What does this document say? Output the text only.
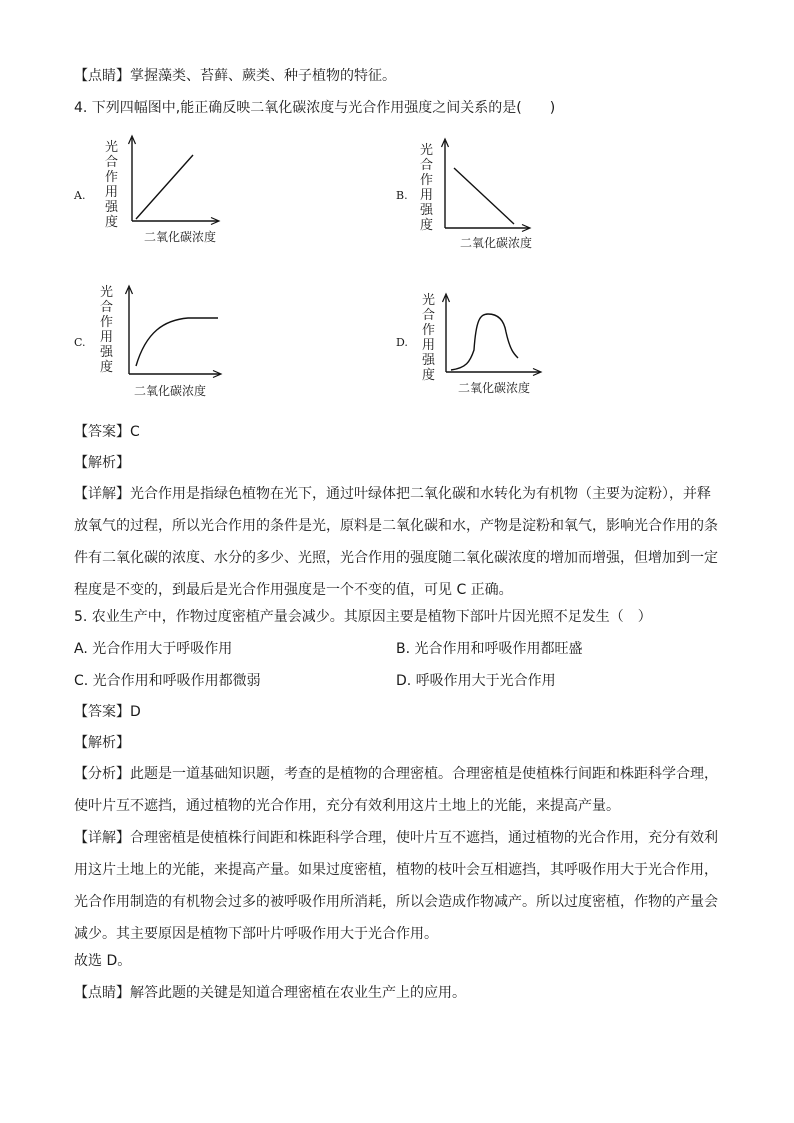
【点睛】掌握藻类、苔藓、蕨类、种子植物的特征。
4. 下列四幅图中,能正确反映二氧化碳浓度与光合作用强度之间关系的是(　　)
A.
光
合
作
用
强
度
二氧化碳浓度
B.
光
合
作
用
强
度
二氧化碳浓度
C.
光
合
作
用
强
度
二氧化碳浓度
D.
光
合
作
用
强
度
二氧化碳浓度
【答案】C
【解析】
【详解】光合作用是指绿色植物在光下，通过叶绿体把二氧化碳和水转化为有机物（主要为淀粉），并释
放氧气的过程，所以光合作用的条件是光，原料是二氧化碳和水，产物是淀粉和氧气，影响光合作用的条
件有二氧化碳的浓度、水分的多少、光照，光合作用的强度随二氧化碳浓度的增加而增强，但增加到一定
程度是不变的，到最后是光合作用强度是一个不变的值，可见 C 正确。
5. 农业生产中，作物过度密植产量会减少。其原因主要是植物下部叶片因光照不足发生（　）
A. 光合作用大于呼吸作用	B. 光合作用和呼吸作用都旺盛
C. 光合作用和呼吸作用都微弱	D. 呼吸作用大于光合作用
【答案】D
【解析】
【分析】此题是一道基础知识题，考查的是植物的合理密植。合理密植是使植株行间距和株距科学合理，
使叶片互不遮挡，通过植物的光合作用，充分有效利用这片土地上的光能，来提高产量。
【详解】合理密植是使植株行间距和株距科学合理，使叶片互不遮挡，通过植物的光合作用，充分有效利
用这片土地上的光能，来提高产量。如果过度密植，植物的枝叶会互相遮挡，其呼吸作用大于光合作用，
光合作用制造的有机物会过多的被呼吸作用所消耗，所以会造成作物减产。所以过度密植，作物的产量会
减少。其主要原因是植物下部叶片呼吸作用大于光合作用。
故选 D。
【点睛】解答此题的关键是知道合理密植在农业生产上的应用。
